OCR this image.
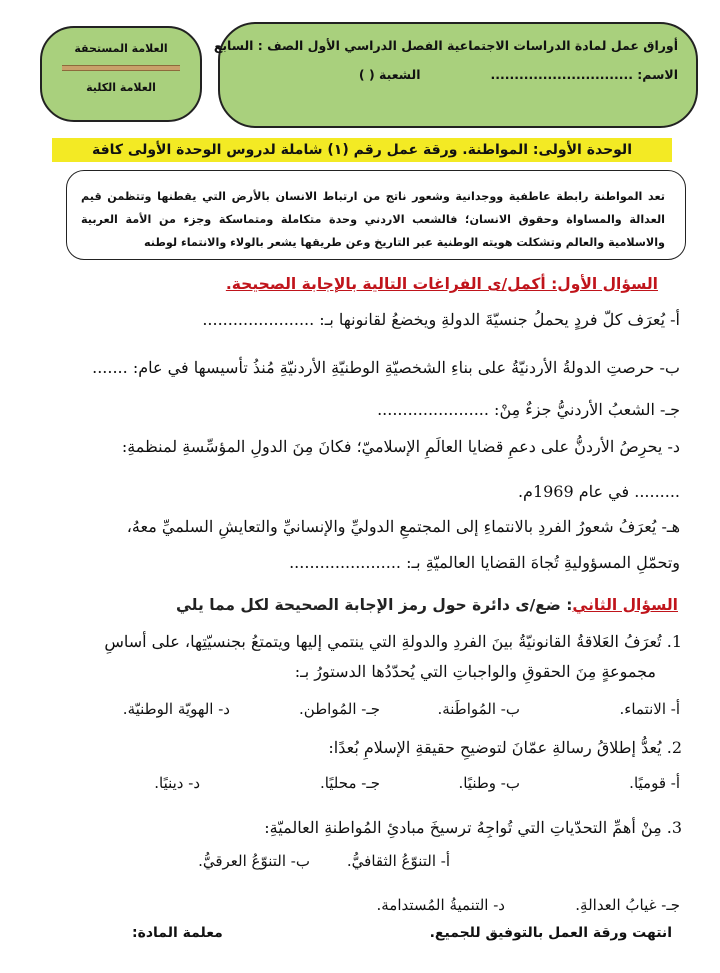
أوراق عمل لمادة الدراسات الاجتماعية الفصل الدراسي الأول الصف : السابع
الاسم: ..............................
الشعبة ( )
العلامة المستحقة
العلامة الكلية
الوحدة الأولى: المواطنة. ورقة عمل رقم (١) شاملة لدروس الوحدة الأولى كافة
تعد المواطنة رابطة عاطفية ووجدانية وشعور ناتج من ارتباط الانسان بالأرض التي يقطنها وتتظمن قيم العدالة والمساواة وحقوق الانسان؛ فالشعب الاردني وحدة متكاملة ومتماسكة وجزء من الأمة العربية والاسلامية والعالم وتشكلت هويته الوطنية عبر التاريخ وعن طريقها يشعر بالولاء والانتماء لوطنه
السؤال الأول: أكمل/ى الفراغات التالية بالإجابة الصحيحة.
أ- يُعرَف كلّ فردٍ يحملُ جنسيّةَ الدولةِ ويخضعُ لقانونها بـ: ......................
ب- حرصتِ الدولةُ الأردنيّةُ على بناءِ الشخصيّةِ الوطنيّةِ الأردنيّةِ مُنذُ تأسيسها في عام: .......
جـ- الشعبُ الأردنيُّ جزءٌ مِنْ: ......................
د- يحرِصُ الأردنُّ على دعمِ قضايا العالَمِ الإسلاميّ؛ فكانَ مِنَ الدولِ المؤسِّسةِ لمنظمةِ:
......... في عام 1969م.
هـ- يُعرَفُ شعورُ الفردِ بالانتماءِ إلى المجتمعِ الدوليِّ والإنسانيِّ والتعايشِ السلميِّ معهُ،
وتحمّلِ المسؤوليةِ تُجاهَ القضايا العالميّةِ بـ: ......................
السؤال الثاني: ضع/ى دائرة حول رمز الإجابة الصحيحة لكل مما يلي
1. تُعرَفُ العَلاقةُ القانونيّةُ بينَ الفردِ والدولةِ التي ينتمي إليها ويتمتعُ بجنسيّتِها، على أساسِ
مجموعةٍ مِنَ الحقوقِ والواجباتِ التي يُحدّدُها الدستورُ بـ:
أ- الانتماء.
ب- المُواطَنة.
جـ- المُواطن.
د- الهويّة الوطنيّة.
2. يُعدُّ إطلاقُ رسالةِ عمّانَ لتوضيحِ حقيقةِ الإسلامِ بُعدًا:
أ- قوميًا.
ب- وطنيًا.
جـ- محليًا.
د- دينيًا.
3. مِنْ أهمِّ التحدّياتِ التي تُواجِهُ ترسيخَ مبادئِ المُواطنةِ العالميّةِ:
أ- التنوّعُ الثقافيُّ.
ب- التنوّعُ العرقيُّ.
جـ- غيابُ العدالةِ.
د- التنميةُ المُستدامة.
انتهت ورقة العمل بالتوفيق للجميع.
معلمة المادة:
